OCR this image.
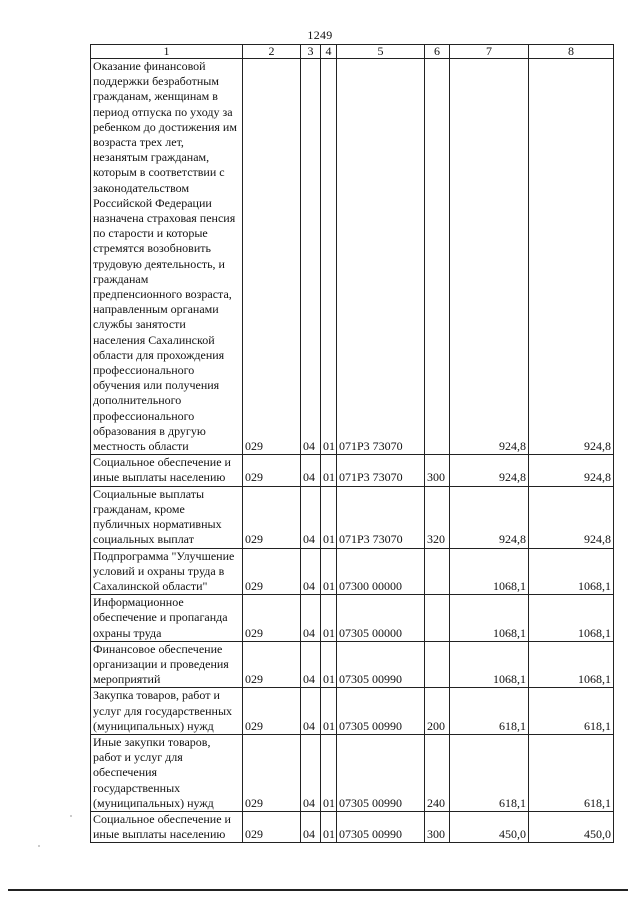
1249
1	2	3	4	5	6	7	8
Оказание финансовой поддержки безработным гражданам, женщинам в период отпуска по уходу за ребенком до достижения им возраста трех лет, незанятым гражданам, которым в соответствии с законодательством Российской Федерации назначена страховая пенсия по старости и которые стремятся возобновить трудовую деятельность, и гражданам предпенсионного возраста, направленным органами службы занятости населения Сахалинской области для прохождения профессионального обучения или получения дополнительного профессионального образования в другую местность области	029	04	01	071P3 73070		924,8	924,8
Социальное обеспечение и иные выплаты населению	029	04	01	071P3 73070	300	924,8	924,8
Социальные выплаты гражданам, кроме публичных нормативных социальных выплат	029	04	01	071P3 73070	320	924,8	924,8
Подпрограмма "Улучшение условий и охраны труда в Сахалинской области"	029	04	01	07300 00000		1068,1	1068,1
Информационное обеспечение и пропаганда охраны труда	029	04	01	07305 00000		1068,1	1068,1
Финансовое обеспечение организации и проведения мероприятий	029	04	01	07305 00990		1068,1	1068,1
Закупка товаров, работ и услуг для государственных (муниципальных) нужд	029	04	01	07305 00990	200	618,1	618,1
Иные закупки товаров, работ и услуг для обеспечения государственных (муниципальных) нужд	029	04	01	07305 00990	240	618,1	618,1
Социальное обеспечение и иные выплаты населению	029	04	01	07305 00990	300	450,0	450,0
